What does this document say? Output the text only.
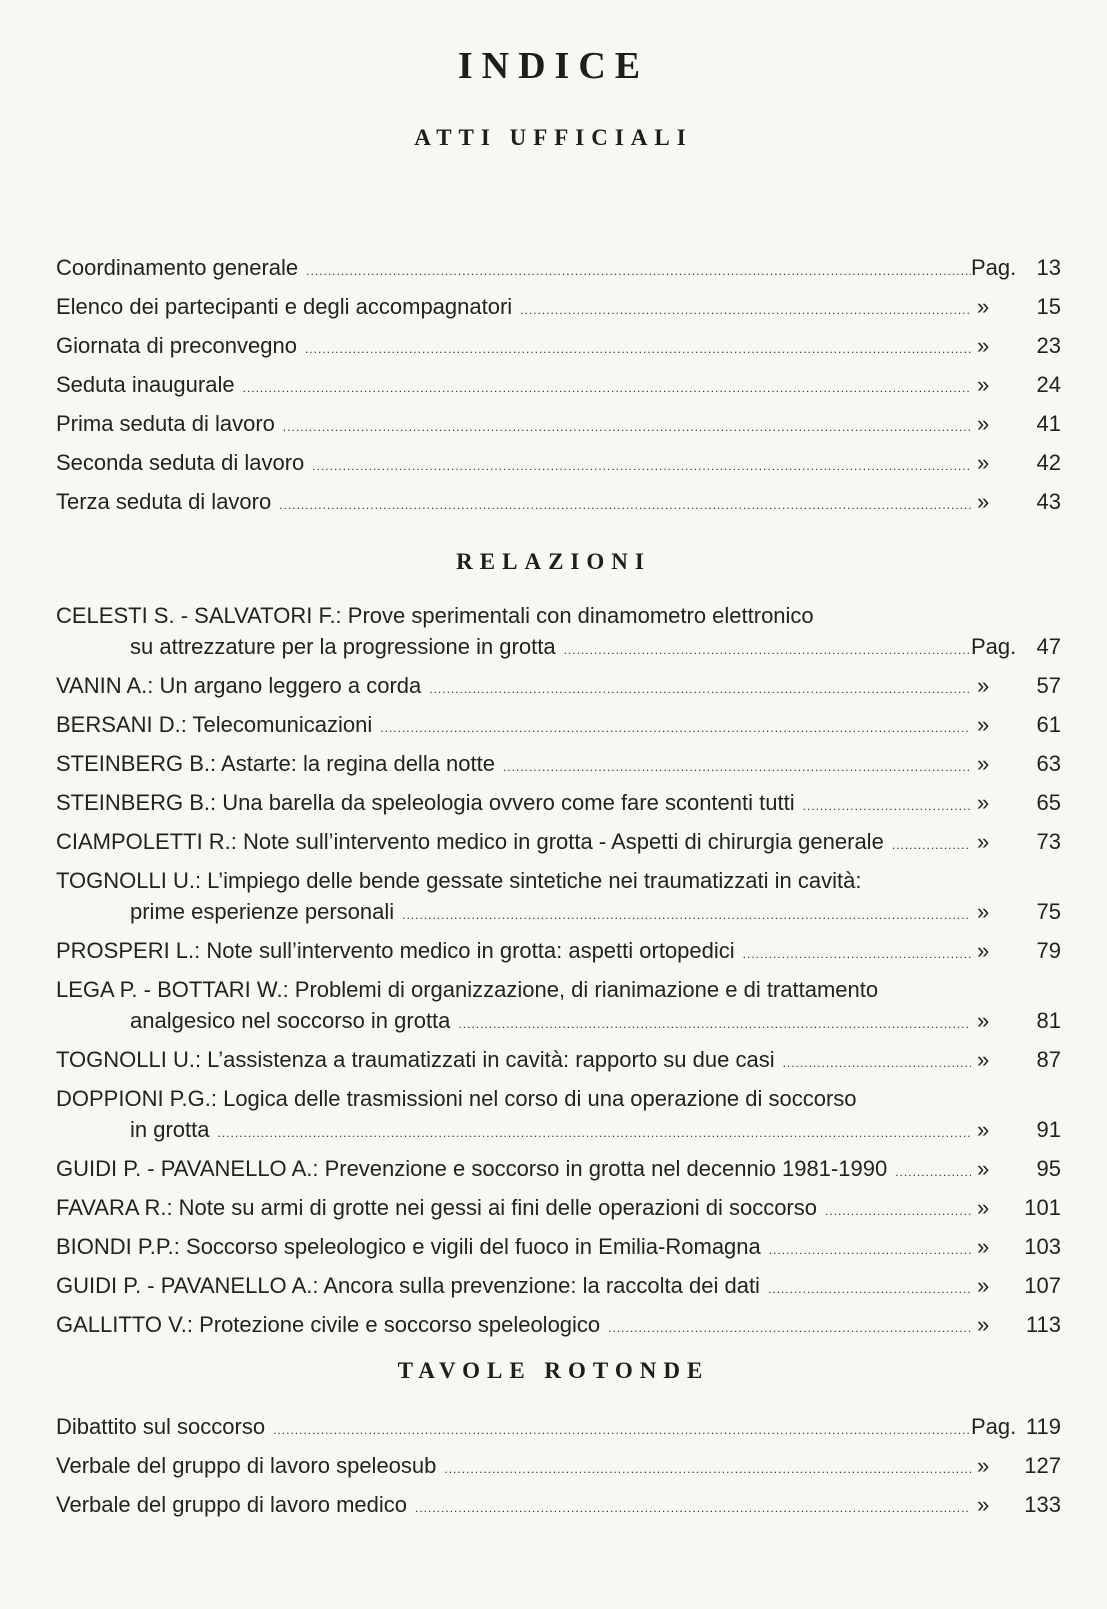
INDICE
ATTI UFFICIALI
Coordinamento generale .....	Pag. 13
Elenco dei partecipanti e degli accompagnatori .....	»	15
Giornata di preconvegno .....	»	23
Seduta inaugurale .....	»	24
Prima seduta di lavoro .....	»	41
Seconda seduta di lavoro .....	»	42
Terza seduta di lavoro .....	»	43
RELAZIONI
CELESTI S. - SALVATORI F.: Prove sperimentali con dinamometro elettronico
su attrezzature per la progressione in grotta .....	Pag. 47
VANIN A.: Un argano leggero a corda .....	»	57
BERSANI D.: Telecomunicazioni .....	»	61
STEINBERG B.: Astarte: la regina della notte .....	»	63
STEINBERG B.: Una barella da speleologia ovvero come fare scontenti tutti .....	»	65
CIAMPOLETTI R.: Note sull’intervento medico in grotta - Aspetti di chirurgia generale .....	»	73
TOGNOLLI U.: L’impiego delle bende gessate sintetiche nei traumatizzati in cavità:
prime esperienze personali .....	»	75
PROSPERI L.: Note sull’intervento medico in grotta: aspetti ortopedici .....	»	79
LEGA P. - BOTTARI W.: Problemi di organizzazione, di rianimazione e di trattamento
analgesico nel soccorso in grotta .....	»	81
TOGNOLLI U.: L’assistenza a traumatizzati in cavità: rapporto su due casi .....	»	87
DOPPIONI P.G.: Logica delle trasmissioni nel corso di una operazione di soccorso
in grotta .....	»	91
GUIDI P. - PAVANELLO A.: Prevenzione e soccorso in grotta nel decennio 1981-1990 .....	»	95
FAVARA R.: Note su armi di grotte nei gessi ai fini delle operazioni di soccorso .....	»	101
BIONDI P.P.: Soccorso speleologico e vigili del fuoco in Emilia-Romagna .....	»	103
GUIDI P. - PAVANELLO A.: Ancora sulla prevenzione: la raccolta dei dati .....	»	107
GALLITTO V.: Protezione civile e soccorso speleologico .....	»	113
TAVOLE ROTONDE
Dibattito sul soccorso .....	Pag. 119
Verbale del gruppo di lavoro speleosub .....	»	127
Verbale del gruppo di lavoro medico .....	»	133
